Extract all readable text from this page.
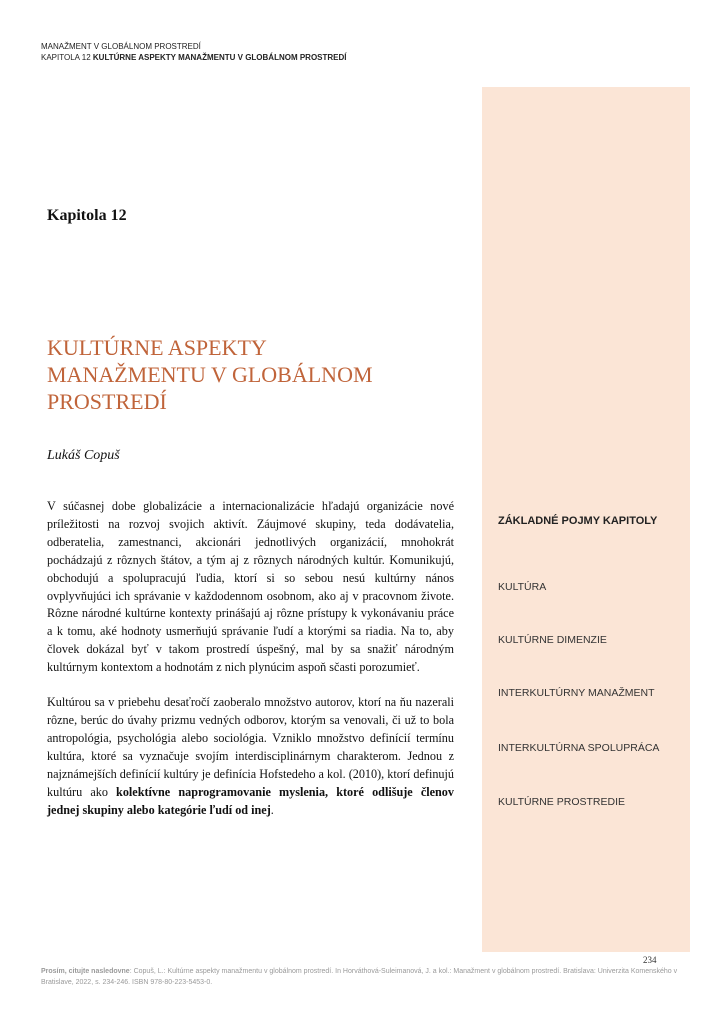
MANAŽMENT V GLOBÁLNOM PROSTREDÍ
KAPITOLA 12 KULTÚRNE ASPEKTY MANAŽMENTU V GLOBÁLNOM PROSTREDÍ
ZÁKLADNÉ POJMY KAPITOLY
KULTÚRA
KULTÚRNE DIMENZIE
INTERKULTÚRNY MANAŽMENT
INTERKULTÚRNA SPOLUPRÁCA
KULTÚRNE PROSTREDIE
Kapitola 12
KULTÚRNE ASPEKTY
MANAŽMENTU V GLOBÁLNOM
PROSTREDÍ
Lukáš Copuš

V súčasnej dobe globalizácie a internacionalizácie hľadajú organizácie nové príležitosti na rozvoj svojich aktivít. Záujmové skupiny, teda dodávatelia, odberatelia, zamestnanci, akcionári jednotlivých organizácií, mnohokrát pochádzajú z rôznych štátov, a tým aj z rôznych národných kultúr. Komunikujú, obchodujú a spolupracujú ľudia, ktorí si so sebou nesú kultúrny nános ovplyvňujúci ich správanie v každodennom osobnom, ako aj v pracovnom živote. Rôzne národné kultúrne kontexty prinášajú aj rôzne prístupy k vykonávaniu práce a k tomu, aké hodnoty usmerňujú správanie ľudí a ktorými sa riadia. Na to, aby človek dokázal byť v takom prostredí úspešný, mal by sa snažiť národným kultúrnym kontextom a hodnotám z nich plynúcim aspoň sčasti porozumieť.

Kultúrou sa v priebehu desaťročí zaoberalo množstvo autorov, ktorí na ňu nazerali rôzne, berúc do úvahy prizmu vedných odborov, ktorým sa venovali, či už to bola antropológia, psychológia alebo sociológia. Vzniklo množstvo definícií termínu kultúra, ktoré sa vyznačuje svojím interdisciplinárnym charakterom. Jednou z najznámejších definícií kultúry je definícia Hofstedeho a kol. (2010), ktorí definujú kultúru ako kolektívne naprogramovanie myslenia, ktoré odlišuje členov jednej skupiny alebo kategórie ľudí od inej.

234
Prosím, citujte nasledovne: Copuš, L.: Kultúrne aspekty manažmentu v globálnom prostredí. In Horváthová-Suleimanová, J. a kol.: Manažment v globálnom prostredí. Bratislava: Univerzita Komenského v Bratislave, 2022, s. 234-246. ISBN 978-80-223-5453-0.
